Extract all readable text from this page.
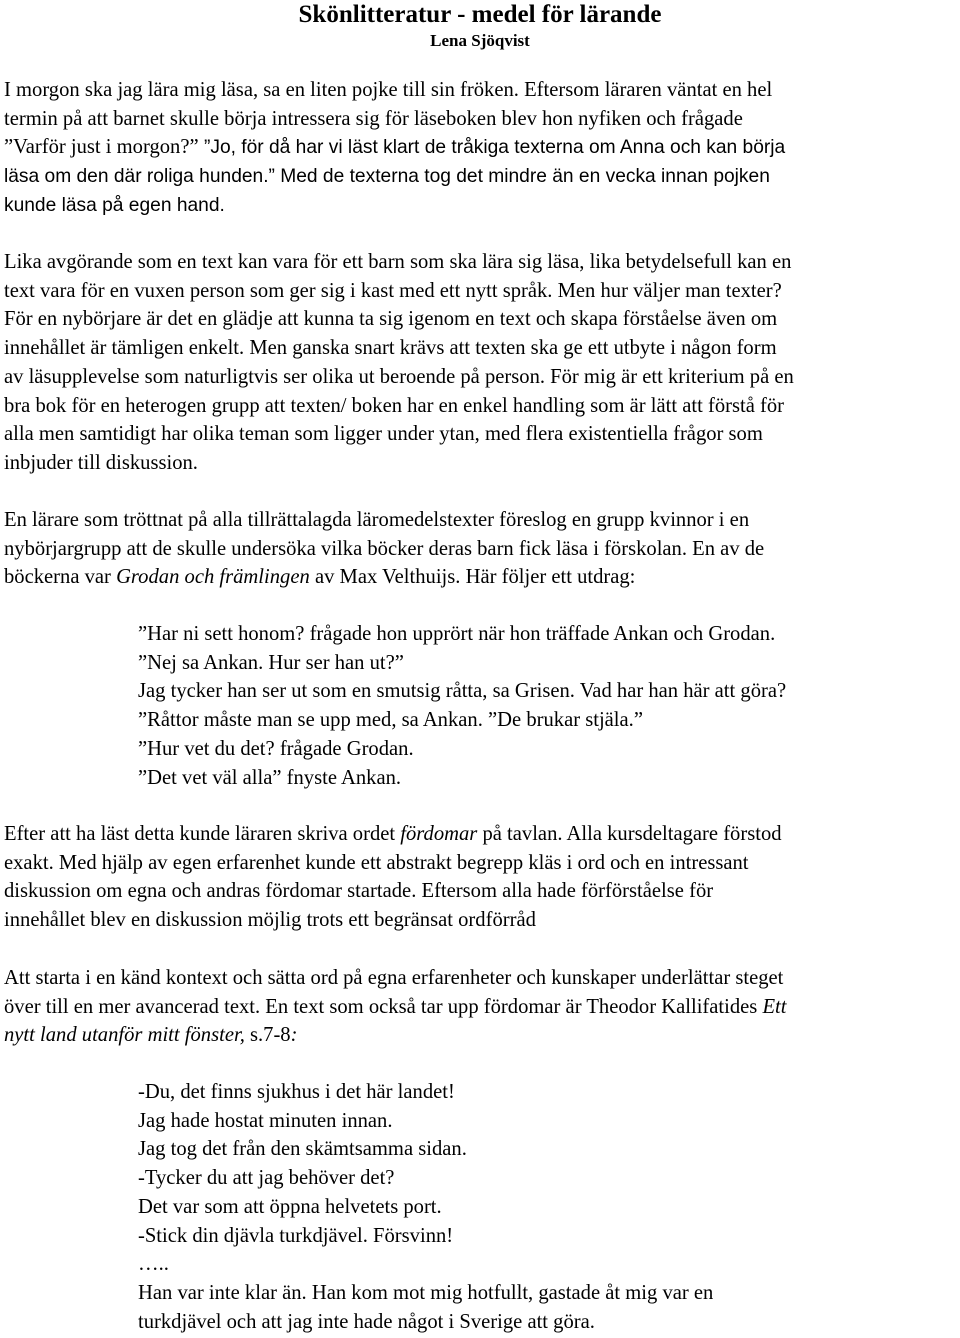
Skönlitteratur - medel för lärande

Lena Sjöqvist

I morgon ska jag lära mig läsa, sa en liten pojke till sin fröken. Eftersom läraren väntat en hel
termin på att barnet skulle börja intressera sig för läseboken blev hon nyfiken och frågade
”Varför just i morgon?” ”Jo, för då har vi läst klart de tråkiga texterna om Anna och kan börja
läsa om den där roliga hunden.” Med de texterna tog det mindre än en vecka innan pojken
kunde läsa på egen hand.

Lika avgörande som en text kan vara för ett barn som ska lära sig läsa, lika betydelsefull kan en
text vara för en vuxen person som ger sig i kast med ett nytt språk. Men hur väljer man texter?
För en nybörjare är det en glädje att kunna ta sig igenom en text och skapa förståelse även om
innehållet är tämligen enkelt. Men ganska snart krävs att texten ska ge ett utbyte i någon form
av läsupplevelse som naturligtvis ser olika ut beroende på person. För mig är ett kriterium på en
bra bok för en heterogen grupp att texten/ boken har en enkel handling som är lätt att förstå för
alla men samtidigt har olika teman som ligger under ytan, med flera existentiella frågor som
inbjuder till diskussion.

En lärare som tröttnat på alla tillrättalagda läromedelstexter föreslog en grupp kvinnor i en
nybörjargrupp att de skulle undersöka vilka böcker deras barn fick läsa i förskolan. En av de
böckerna var Grodan och främlingen av Max Velthuijs. Här följer ett utdrag:

”Har ni sett honom? frågade hon upprört när hon träffade Ankan och Grodan.
”Nej sa Ankan. Hur ser han ut?”
Jag tycker han ser ut som en smutsig råtta, sa Grisen. Vad har han här att göra?
”Råttor måste man se upp med, sa Ankan. ”De brukar stjäla.”
”Hur vet du det? frågade Grodan.
”Det vet väl alla” fnyste Ankan.

Efter att ha läst detta kunde läraren skriva ordet fördomar på tavlan. Alla kursdeltagare förstod
exakt. Med hjälp av egen erfarenhet kunde ett abstrakt begrepp kläs i ord och en intressant
diskussion om egna och andras fördomar startade. Eftersom alla hade förförståelse för
innehållet blev en diskussion möjlig trots ett begränsat ordförråd

Att starta i en känd kontext och sätta ord på egna erfarenheter och kunskaper underlättar steget
över till en mer avancerad text. En text som också tar upp fördomar är Theodor Kallifatides Ett
nytt land utanför mitt fönster, s.7-8:

-Du, det finns sjukhus i det här landet!
Jag hade hostat minuten innan.
Jag tog det från den skämtsamma sidan.
-Tycker du att jag behöver det?
Det var som att öppna helvetets port.
-Stick din djävla turkdjävel. Försvinn!
…..
Han var inte klar än. Han kom mot mig hotfullt, gastade åt mig var en
turkdjävel och att jag inte hade något i Sverige att göra.
